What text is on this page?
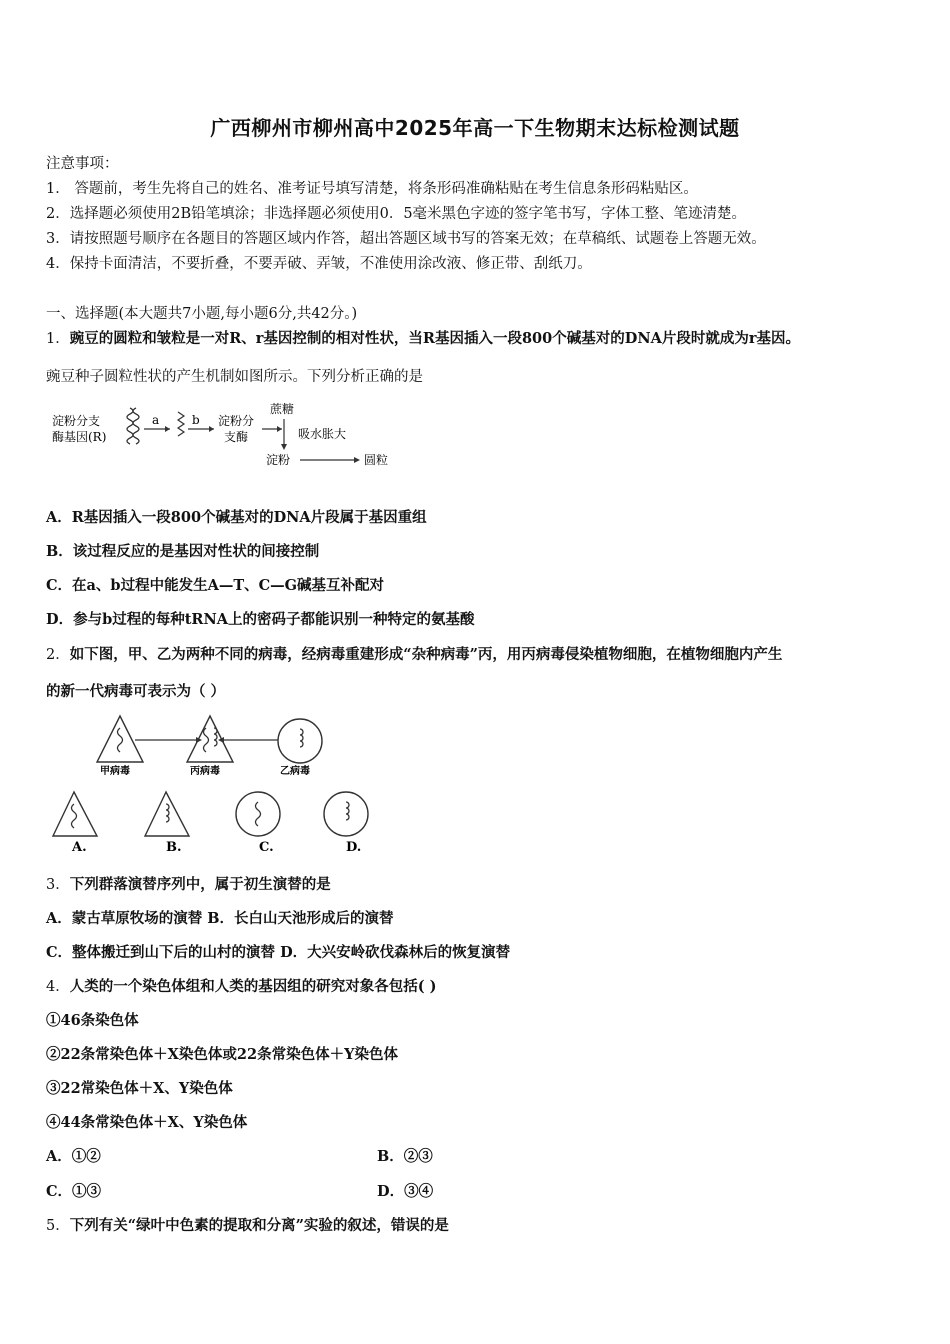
广西柳州市柳州高中2025年高一下生物期末达标检测试题
注意事项：
1． 答题前，考生先将自己的姓名、准考证号填写清楚，将条形码准确粘贴在考生信息条形码粘贴区。
2．选择题必须使用2B铅笔填涂；非选择题必须使用0．5毫米黑色字迹的签字笔书写，字体工整、笔迹清楚。
3．请按照题号顺序在各题目的答题区域内作答，超出答题区域书写的答案无效；在草稿纸、试题卷上答题无效。
4．保持卡面清洁，不要折叠，不要弄破、弄皱，不准使用涂改液、修正带、刮纸刀。
一、选择题(本大题共7小题,每小题6分,共42分。)
1．豌豆的圆粒和皱粒是一对R、r基因控制的相对性状，当R基因插入一段800个碱基对的DNA片段时就成为r基因。
豌豆种子圆粒性状的产生机制如图所示。下列分析正确的是
淀粉分支
酶基因(R)
a	b 淀粉分
支酶
蔗糖
吸水胀大
淀粉	圆粒
A．R基因插入一段800个碱基对的DNA片段属于基因重组
B．该过程反应的是基因对性状的间接控制
C．在a、b过程中能发生A—T、C—G碱基互补配对
D．参与b过程的每种tRNA上的密码子都能识别一种特定的氨基酸
2．如下图，甲、乙为两种不同的病毒，经病毒重建形成“杂种病毒”丙，用丙病毒侵染植物细胞，在植物细胞内产生
的新一代病毒可表示为（ ）
甲病毒	丙病毒	乙病毒
A.	B.	C.	D.
3．下列群落演替序列中，属于初生演替的是
A．蒙古草原牧场的演替 B．长白山天池形成后的演替
C．整体搬迁到山下后的山村的演替 D．大兴安岭砍伐森林后的恢复演替
4．人类的一个染色体组和人类的基因组的研究对象各包括( )
①46条染色体
②22条常染色体＋X染色体或22条常染色体＋Y染色体
③22常染色体＋X、Y染色体
④44条常染色体＋X、Y染色体
A．①②	B．②③
C．①③	D．③④
5．下列有关“绿叶中色素的提取和分离”实验的叙述，错误的是
